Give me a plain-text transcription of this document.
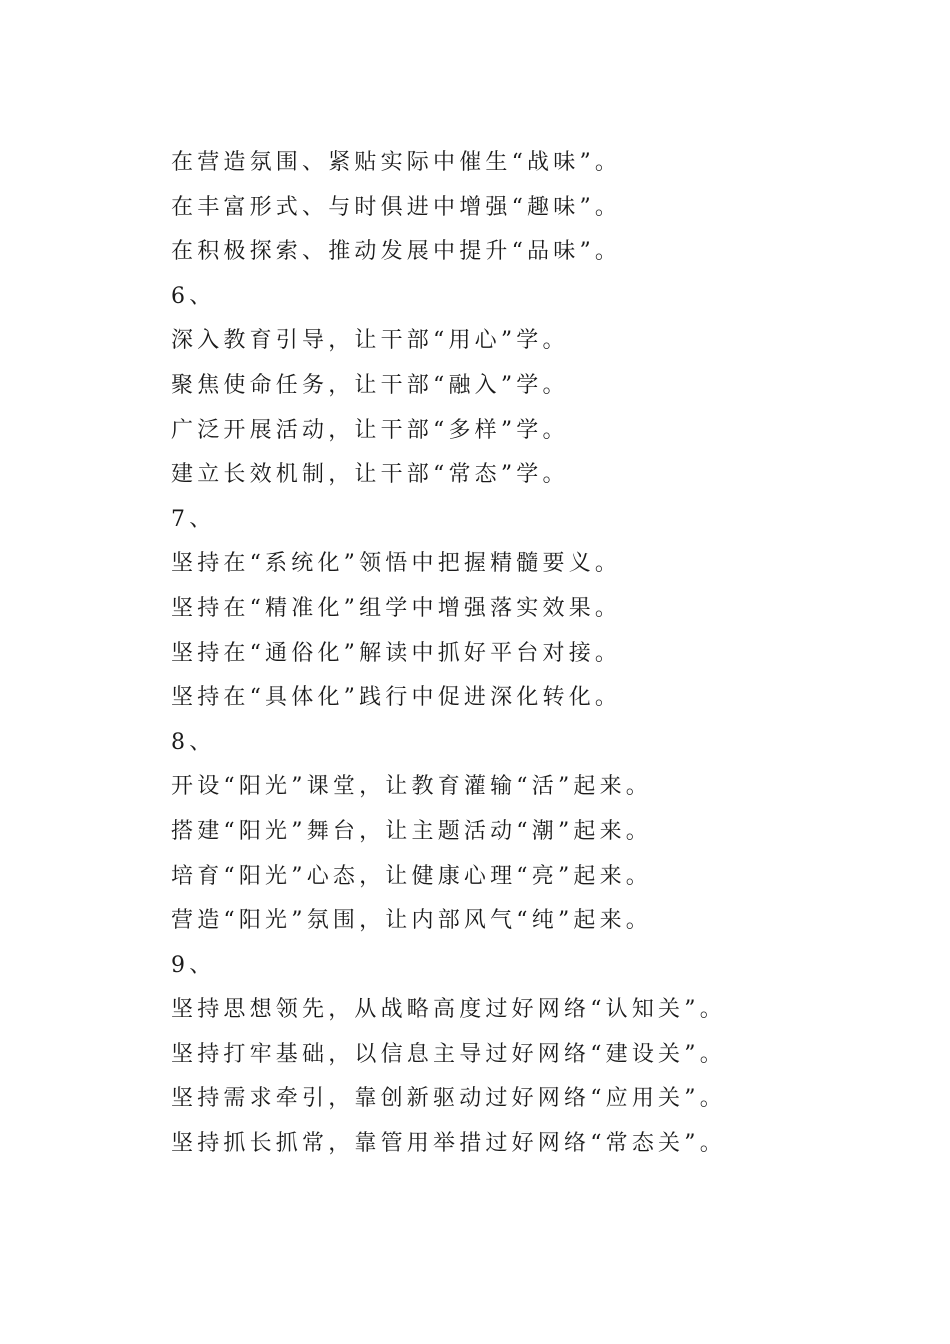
在营造氛围、紧贴实际中催生“战味”。
在丰富形式、与时俱进中增强“趣味”。
在积极探索、推动发展中提升“品味”。
6、
深入教育引导，让干部“用心”学。
聚焦使命任务，让干部“融入”学。
广泛开展活动，让干部“多样”学。
建立长效机制，让干部“常态”学。
7、
坚持在“系统化”领悟中把握精髓要义。
坚持在“精准化”组学中增强落实效果。
坚持在“通俗化”解读中抓好平台对接。
坚持在“具体化”践行中促进深化转化。
8、
开设“阳光”课堂，让教育灌输“活”起来。
搭建“阳光”舞台，让主题活动“潮”起来。
培育“阳光”心态，让健康心理“亮”起来。
营造“阳光”氛围，让内部风气“纯”起来。
9、
坚持思想领先，从战略高度过好网络“认知关”。
坚持打牢基础，以信息主导过好网络“建设关”。
坚持需求牵引，靠创新驱动过好网络“应用关”。
坚持抓长抓常，靠管用举措过好网络“常态关”。
